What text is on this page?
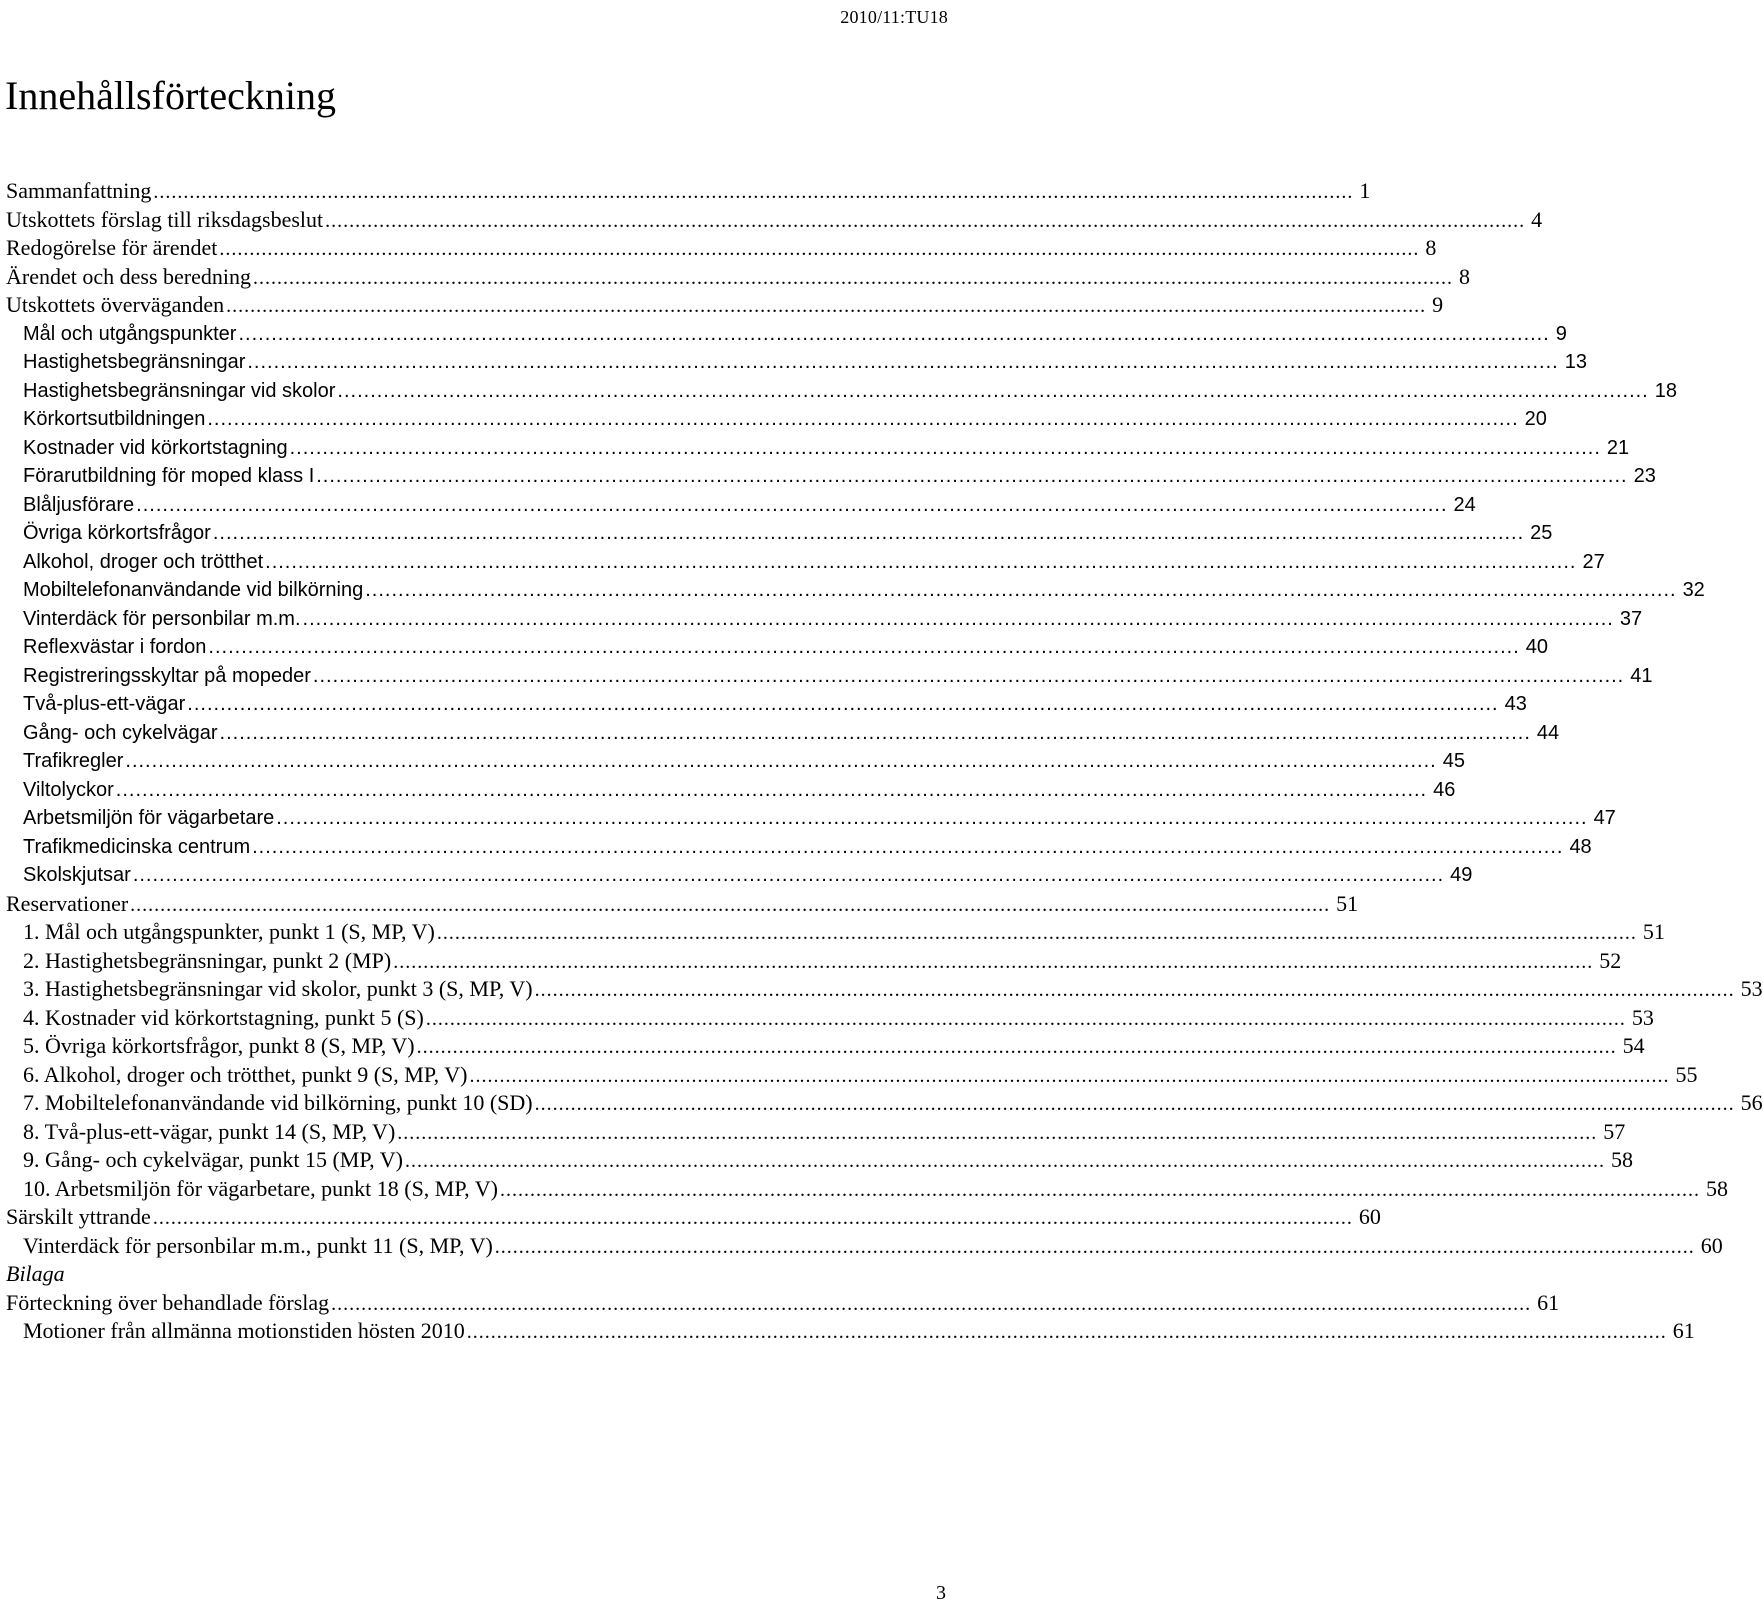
2010/11:TU18
Innehållsförteckning
Sammanfattning ........................................................................................................................................................................................................ 1
Utskottets förslag till riksdagsbeslut ........................................................................................................................................................................................................ 4
Redogörelse för ärendet ........................................................................................................................................................................................................ 8
Ärendet och dess beredning ........................................................................................................................................................................................................ 8
Utskottets överväganden ........................................................................................................................................................................................................ 9
Mål och utgångspunkter ........................................................................................................................................................................................................ 9
Hastighetsbegränsningar ........................................................................................................................................................................................................ 13
Hastighetsbegränsningar vid skolor ........................................................................................................................................................................................................ 18
Körkortsutbildningen ........................................................................................................................................................................................................ 20
Kostnader vid körkortstagning ........................................................................................................................................................................................................ 21
Förarutbildning för moped klass I ........................................................................................................................................................................................................ 23
Blåljusförare ........................................................................................................................................................................................................ 24
Övriga körkortsfrågor ........................................................................................................................................................................................................ 25
Alkohol, droger och trötthet ........................................................................................................................................................................................................ 27
Mobiltelefonanvändande vid bilkörning ........................................................................................................................................................................................................ 32
Vinterdäck för personbilar m.m. ........................................................................................................................................................................................................ 37
Reflexvästar i fordon ........................................................................................................................................................................................................ 40
Registreringsskyltar på mopeder ........................................................................................................................................................................................................ 41
Två-plus-ett-vägar ........................................................................................................................................................................................................ 43
Gång- och cykelvägar ........................................................................................................................................................................................................ 44
Trafikregler ........................................................................................................................................................................................................ 45
Viltolyckor ........................................................................................................................................................................................................ 46
Arbetsmiljön för vägarbetare ........................................................................................................................................................................................................ 47
Trafikmedicinska centrum ........................................................................................................................................................................................................ 48
Skolskjutsar ........................................................................................................................................................................................................ 49
Reservationer ........................................................................................................................................................................................................ 51
1. Mål och utgångspunkter, punkt 1 (S, MP, V) ........................................................................................................................................................................................................ 51
2. Hastighetsbegränsningar, punkt 2 (MP) ........................................................................................................................................................................................................ 52
3. Hastighetsbegränsningar vid skolor, punkt 3 (S, MP, V) ........................................................................................................................................................................................................ 53
4. Kostnader vid körkortstagning, punkt 5 (S) ........................................................................................................................................................................................................ 53
5. Övriga körkortsfrågor, punkt 8 (S, MP, V) ........................................................................................................................................................................................................ 54
6. Alkohol, droger och trötthet, punkt 9 (S, MP, V) ........................................................................................................................................................................................................ 55
7. Mobiltelefonanvändande vid bilkörning, punkt 10 (SD) ........................................................................................................................................................................................................ 56
8. Två-plus-ett-vägar, punkt 14 (S, MP, V) ........................................................................................................................................................................................................ 57
9. Gång- och cykelvägar, punkt 15 (MP, V) ........................................................................................................................................................................................................ 58
10. Arbetsmiljön för vägarbetare, punkt 18 (S, MP, V) ........................................................................................................................................................................................................ 58
Särskilt yttrande ........................................................................................................................................................................................................ 60
Vinterdäck för personbilar m.m., punkt 11 (S, MP, V) ........................................................................................................................................................................................................ 60
Bilaga
Förteckning över behandlade förslag ........................................................................................................................................................................................................ 61
Motioner från allmänna motionstiden hösten 2010 ........................................................................................................................................................................................................ 61
3
